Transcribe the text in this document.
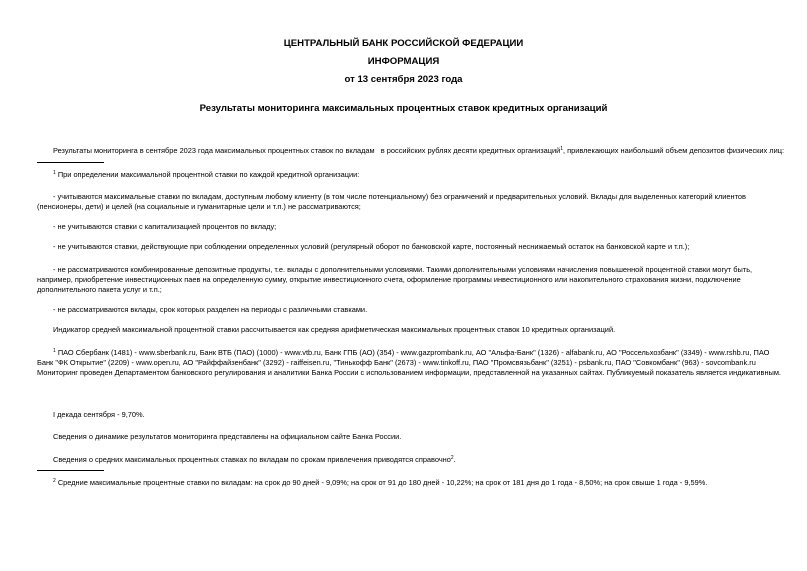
ЦЕНТРАЛЬНЫЙ БАНК РОССИЙСКОЙ ФЕДЕРАЦИИ
ИНФОРМАЦИЯ
от 13 сентября 2023 года
Результаты мониторинга максимальных процентных ставок кредитных организаций
Результаты мониторинга в сентябре 2023 года максимальных процентных ставок по вкладам в российских рублях десяти кредитных организаций$^1$, привлекающих наибольший объем депозитов физических лиц:
$^1$ При определении максимальной процентной ставки по каждой кредитной организации:
- учитываются максимальные ставки по вкладам, доступным любому клиенту (в том числе потенциальному) без ограничений и предварительных условий. Вклады для выделенных категорий клиентов (пенсионеры, дети) и целей (на социальные и гуманитарные цели и т.п.) не рассматриваются;
- не учитываются ставки с капитализацией процентов по вкладу;
- не учитываются ставки, действующие при соблюдении определенных условий (регулярный оборот по банковской карте, постоянный неснижаемый остаток на банковской карте и т.п.);
- не рассматриваются комбинированные депозитные продукты, т.е. вклады с дополнительными условиями. Такими дополнительными условиями начисления повышенной процентной ставки могут быть, например, приобретение инвестиционных паев на определенную сумму, открытие инвестиционного счета, оформление программы инвестиционного или накопительного страхования жизни, подключение дополнительного пакета услуг и т.п.;
- не рассматриваются вклады, срок которых разделен на периоды с различными ставками.
Индикатор средней максимальной процентной ставки рассчитывается как средняя арифметическая максимальных процентных ставок 10 кредитных организаций.
$^1$ ПАО Сбербанк (1481) - www.sberbank.ru, Банк ВТБ (ПАО) (1000) - www.vtb.ru, Банк ГПБ (АО) (354) - www.gazprombank.ru, АО "Альфа-Банк" (1326) - alfabank.ru, АО "Россельхозбанк" (3349) - www.rshb.ru, ПАО
Банк "ФК Открытие" (2209) - www.open.ru, АО "Райффайзенбанк" (3292) - raiffeisen.ru, "Тинькофф Банк" (2673) - www.tinkoff.ru, ПАО "Промсвязьбанк" (3251) - psbank.ru, ПАО "Совкомбанк" (963) - sovcombank.ru
Мониторинг проведен Департаментом банковского регулирования и аналитики Банка России с использованием информации, представленной на указанных сайтах. Публикуемый показатель является индикативным.
I декада сентября - 9,70%.
Сведения о динамике результатов мониторинга представлены на официальном сайте Банка России.
Сведения о средних максимальных процентных ставках по вкладам по срокам привлечения приводятся справочно$^2$.
$^2$ Средние максимальные процентные ставки по вкладам: на срок до 90 дней - 9,09%; на срок от 91 до 180 дней - 10,22%; на срок от 181 дня до 1 года - 8,50%; на срок свыше 1 года - 9,59%.
